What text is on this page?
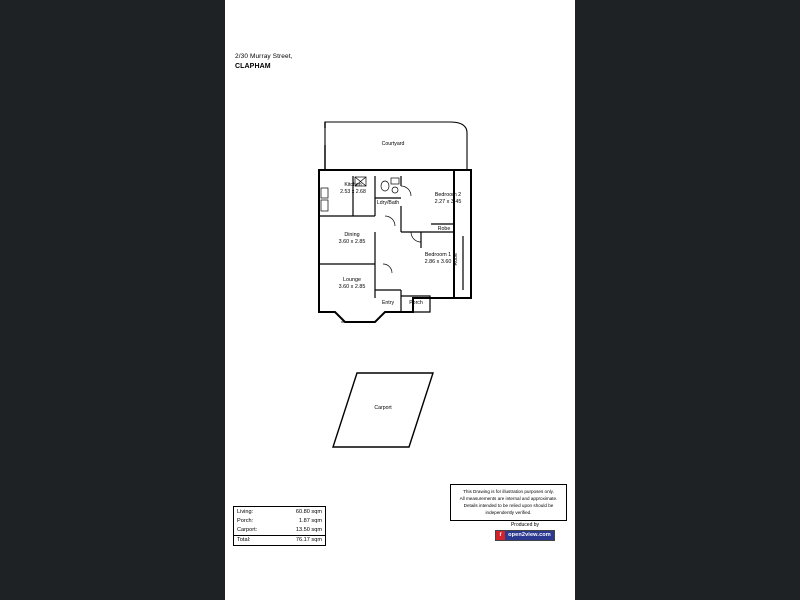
2/30 Murray Street,
CLAPHAM
Courtyard
Kitchen
2.53 x 2.68
Ldry/Bath
Bedroom 2
2.27 x 3.45
Dining
3.60 x 2.85
Robe
Bedroom 1
2.86 x 3.60 Robe
Lounge
3.60 x 2.85
Entry	Porch
Carport
Living:	60.80 sqm
Porch:	1.87 sqm
Carport:	13.50 sqm
Total:	76.17 sqm
This Drawing is for illustration purposes only.
All measurements are internal and approximate.
Details intended to be relied upon should be
independently verified.
Produced by
r	open2view.com
